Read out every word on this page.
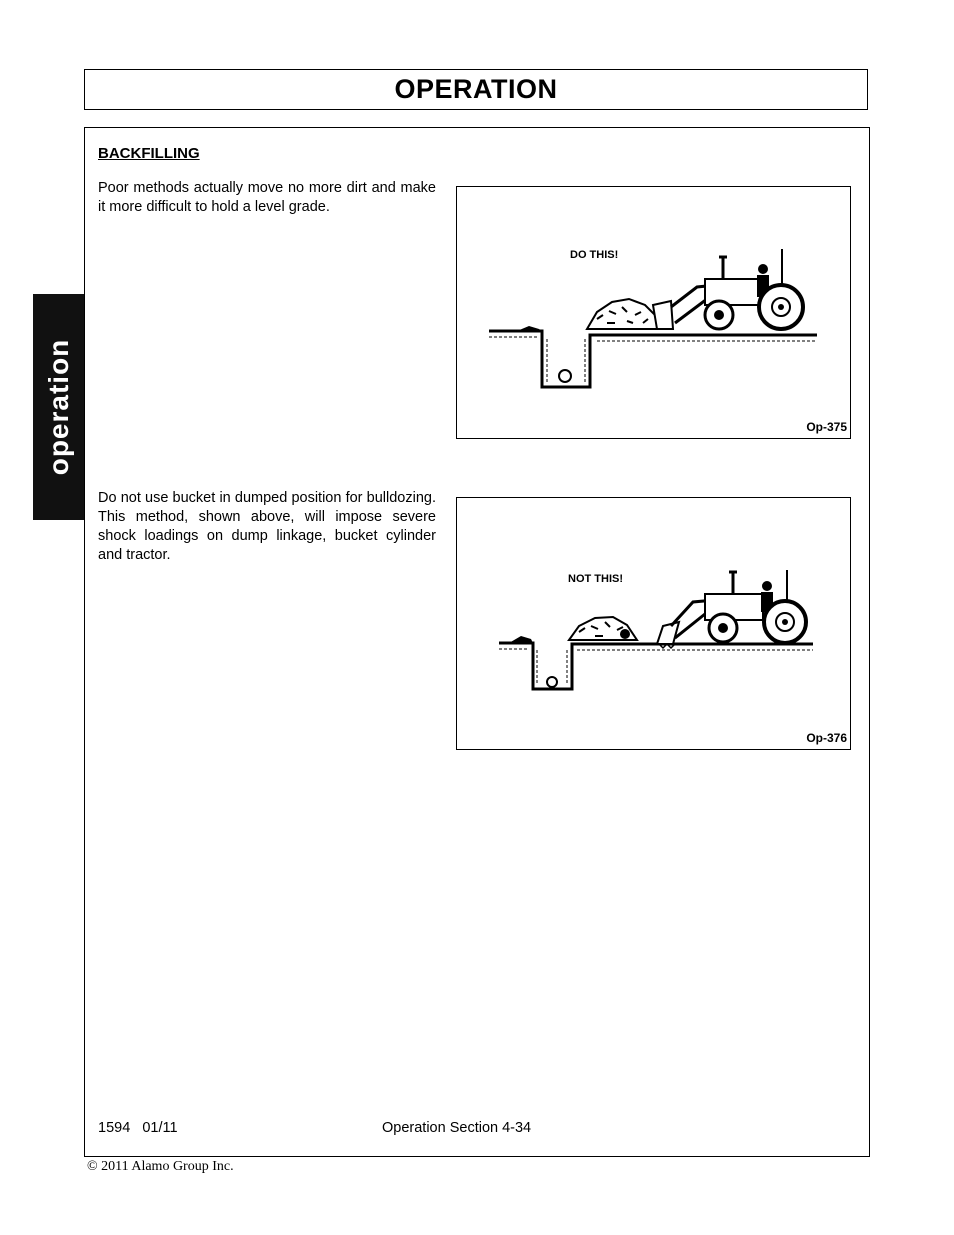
OPERATION
operation
BACKFILLING
Poor methods actually move no more dirt and make it more difficult to hold a level grade.
Do not use bucket in dumped position for bulldozing. This method, shown above, will impose severe shock loadings on dump linkage, bucket cylinder and tractor.
DO THIS!
Op-375
NOT THIS!
Op-376
1594   01/11	Operation Section 4-34
© 2011 Alamo Group Inc.
